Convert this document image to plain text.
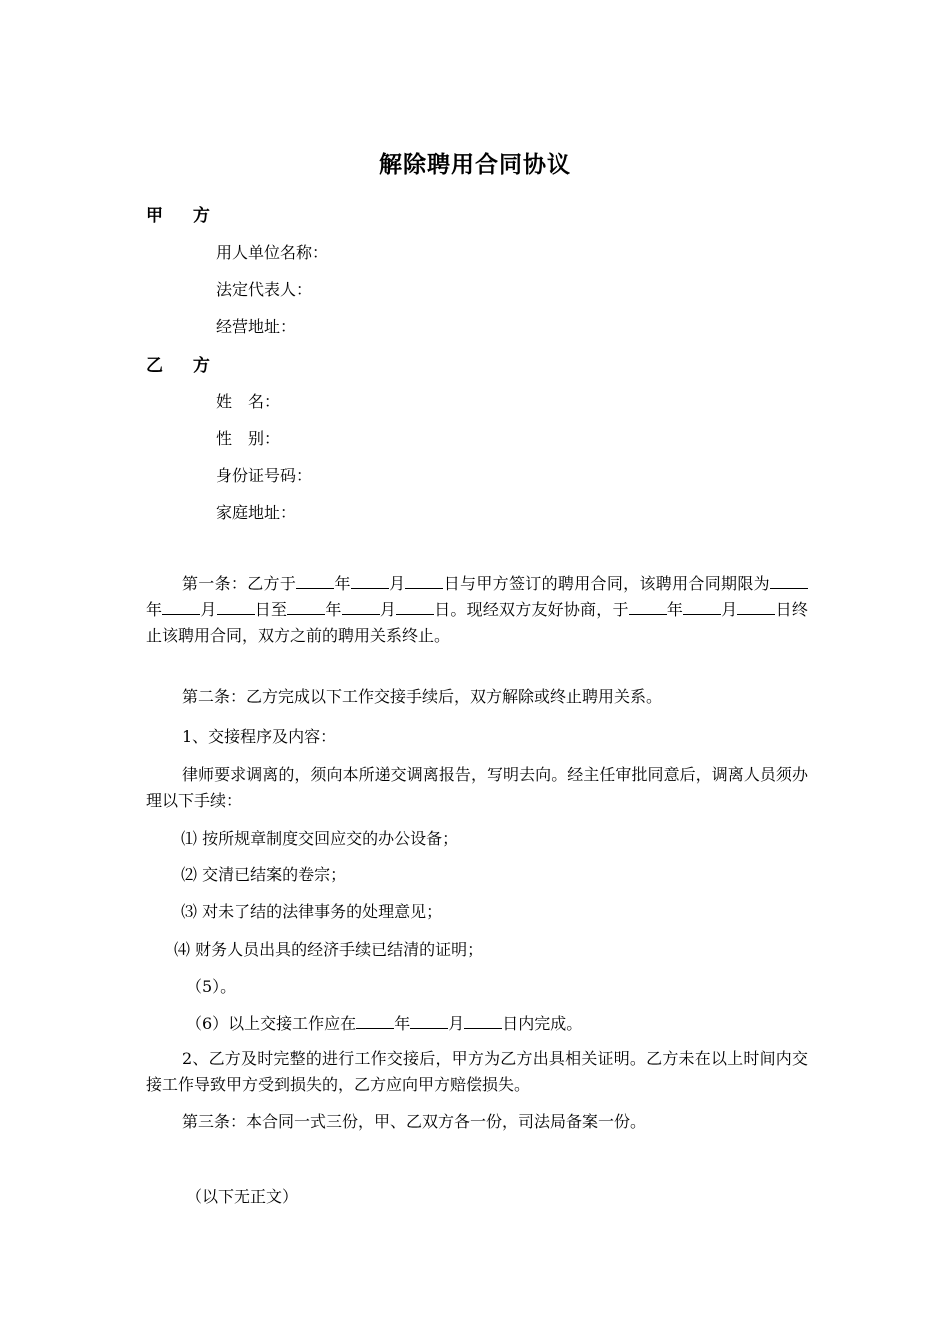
解除聘用合同协议
甲 方
用人单位名称：
法定代表人：
经营地址：
乙 方
姓　名：
性　别：
身份证号码：
家庭地址：

第一条：乙方于 年 月 日与甲方签订的聘用合同，该聘用合同期限为年 月 日至 年 月 日。现经双方友好协商，于 年 月 日终止该聘用合同，双方之前的聘用关系终止。

第二条：乙方完成以下工作交接手续后，双方解除或终止聘用关系。

1、交接程序及内容：

律师要求调离的，须向本所递交调离报告，写明去向。经主任审批同意后，调离人员须办理以下手续：

⑴ 按所规章制度交回应交的办公设备；
⑵ 交清已结案的卷宗；
⑶ 对未了结的法律事务的处理意见；
⑷ 财务人员出具的经济手续已结清的证明；
（5）。
（6）以上交接工作应在 年 月 日内完成。

2、乙方及时完整的进行工作交接后，甲方为乙方出具相关证明。乙方未在以上时间内交接工作导致甲方受到损失的，乙方应向甲方赔偿损失。

第三条：本合同一式三份，甲、乙双方各一份，司法局备案一份。

（以下无正文）
